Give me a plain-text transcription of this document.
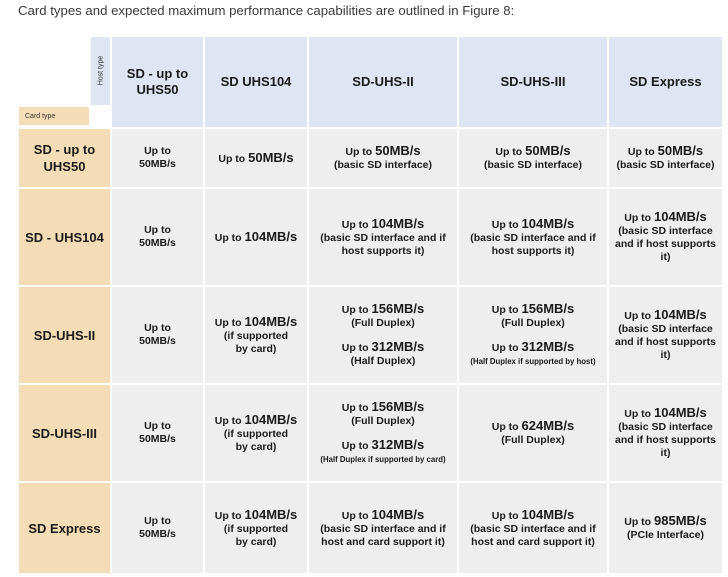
Card types and expected maximum performance capabilities are outlined in Figure 8:
Host type
Card type	SD - up to UHS50	SD UHS104	SD-UHS-II	SD-UHS-III	SD Express
SD - up to UHS50	Up to
50MB/s	Up to 50MB/s	Up to 50MB/s
(basic SD interface)	Up to 50MB/s
(basic SD interface)	Up to 50MB/s
(basic SD interface)

SD - UHS104	Up to
50MB/s	Up to 104MB/s	Up to 104MB/s
(basic SD interface and if
host supports it)	Up to 104MB/s
(basic SD interface and if
host supports it)	Up to 104MB/s
(basic SD interface
and if host supports it)

SD-UHS-II	Up to
50MB/s	Up to 104MB/s
(if supported
by card)	Up to 156MB/s
(Full Duplex)
Up to 312MB/s
(Half Duplex)	Up to 156MB/s
(Full Duplex)
Up to 312MB/s
(Half Duplex if supported by host)	Up to 104MB/s
(basic SD interface
and if host supports it)

SD-UHS-III	Up to
50MB/s	Up to 104MB/s
(if supported
by card)	Up to 156MB/s
(Full Duplex)
Up to 312MB/s
(Half Duplex if supported by card)	Up to 624MB/s
(Full Duplex)	Up to 104MB/s
(basic SD interface
and if host supports it)

SD Express	Up to
50MB/s	Up to 104MB/s
(if supported
by card)	Up to 104MB/s
(basic SD interface and if
host and card support it)	Up to 104MB/s
(basic SD interface and if
host and card support it)	Up to 985MB/s
(PCIe Interface)
